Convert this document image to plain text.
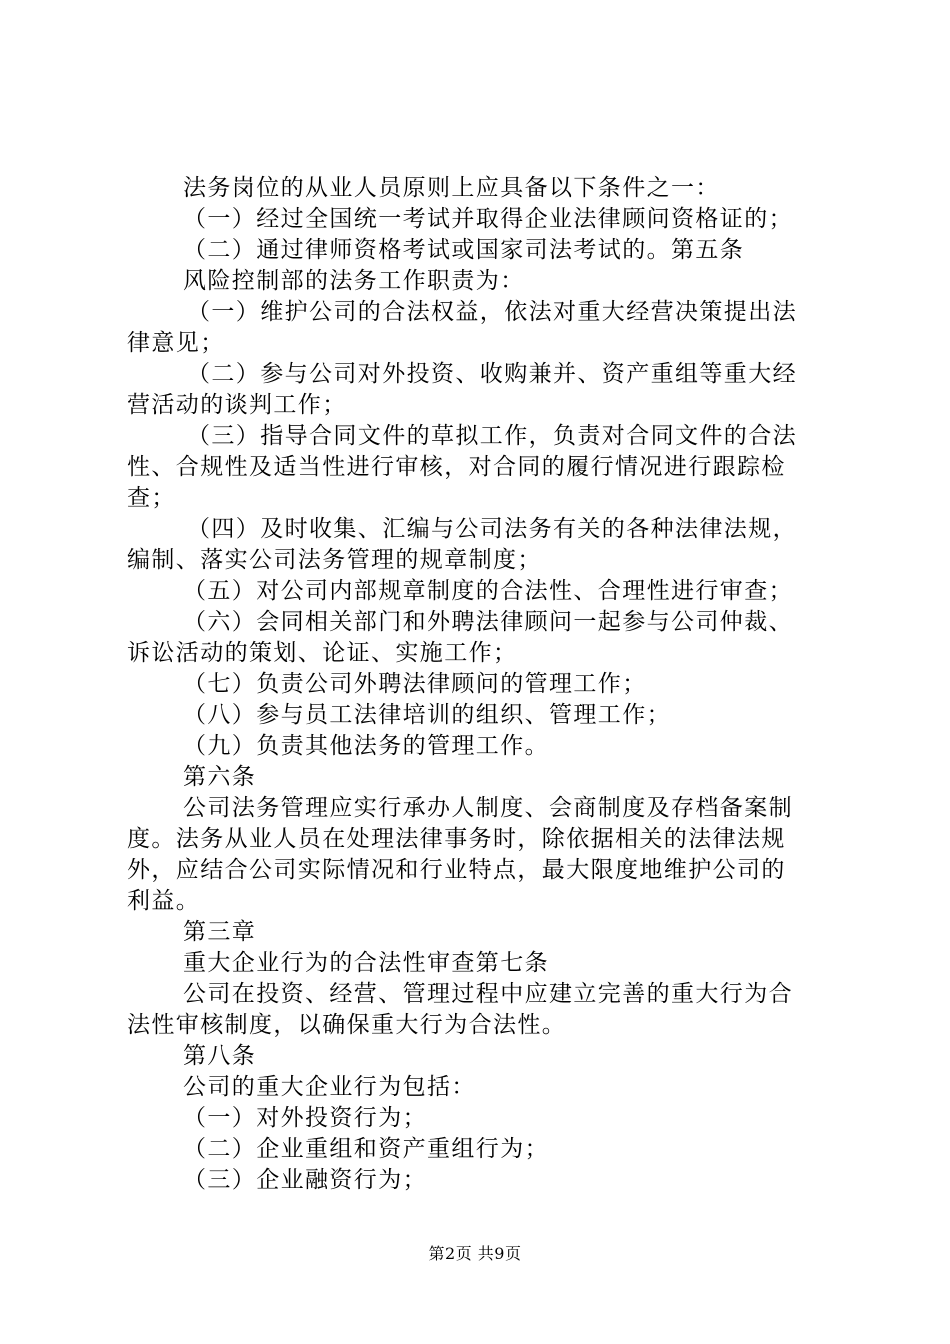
法务岗位的从业人员原则上应具备以下条件之一：

（一）经过全国统一考试并取得企业法律顾问资格证的；

（二）通过律师资格考试或国家司法考试的。第五条

风险控制部的法务工作职责为：

（一）维护公司的合法权益，依法对重大经营决策提出法

律意见；

（二）参与公司对外投资、收购兼并、资产重组等重大经

营活动的谈判工作；

（三）指导合同文件的草拟工作，负责对合同文件的合法

性、合规性及适当性进行审核，对合同的履行情况进行跟踪检

查；

（四）及时收集、汇编与公司法务有关的各种法律法规，

编制、落实公司法务管理的规章制度；

（五）对公司内部规章制度的合法性、合理性进行审查；

（六）会同相关部门和外聘法律顾问一起参与公司仲裁、

诉讼活动的策划、论证、实施工作；

（七）负责公司外聘法律顾问的管理工作；

（八）参与员工法律培训的组织、管理工作；

（九）负责其他法务的管理工作。

第六条

公司法务管理应实行承办人制度、会商制度及存档备案制

度。法务从业人员在处理法律事务时，除依据相关的法律法规

外，应结合公司实际情况和行业特点，最大限度地维护公司的

利益。

第三章

重大企业行为的合法性审查第七条

公司在投资、经营、管理过程中应建立完善的重大行为合

法性审核制度，以确保重大行为合法性。

第八条

公司的重大企业行为包括：

（一）对外投资行为；

（二）企业重组和资产重组行为；

（三）企业融资行为；

第2页 共9页
